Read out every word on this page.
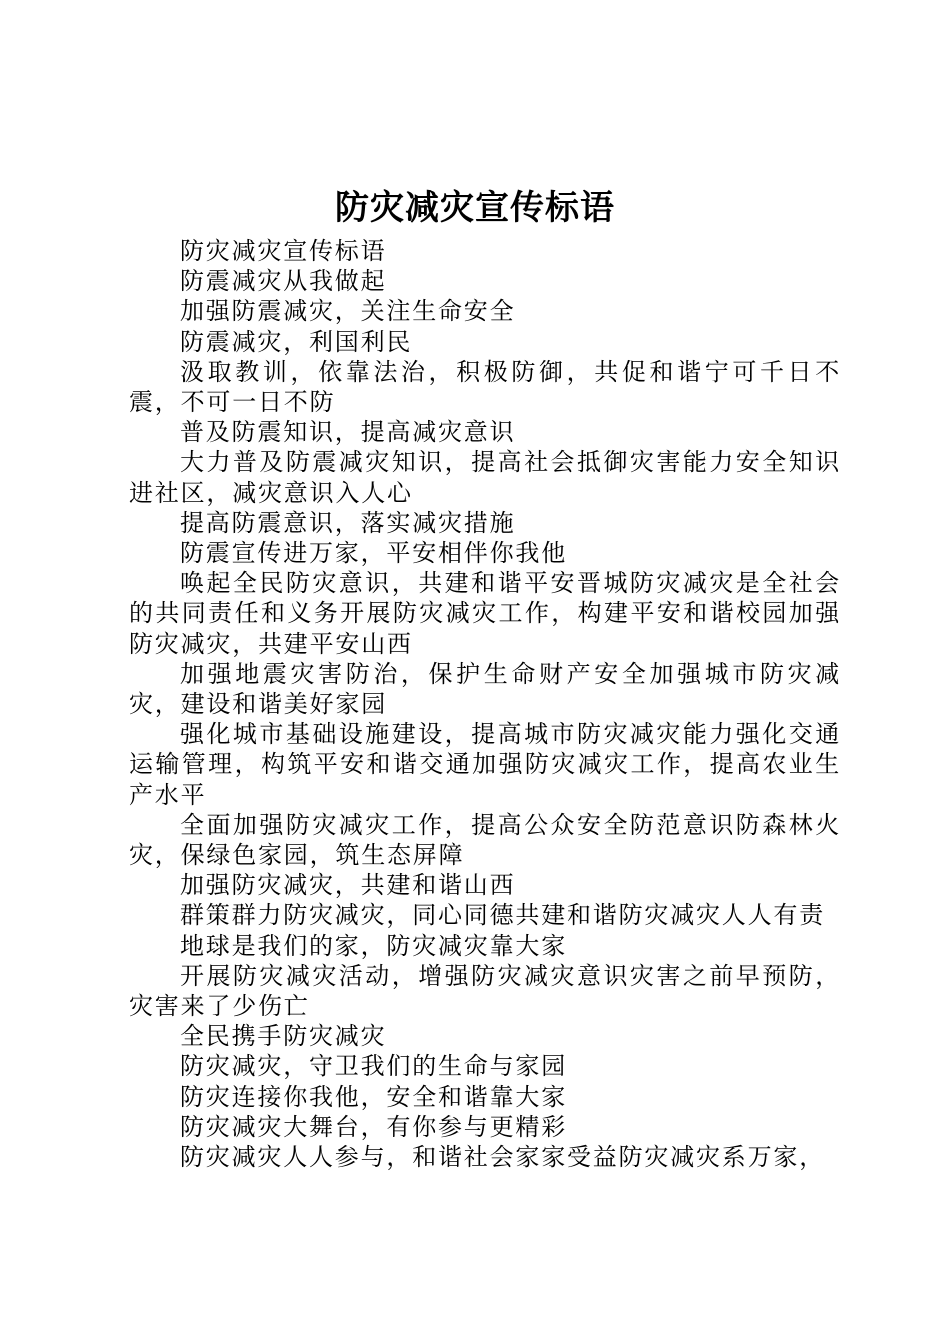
防灾减灾宣传标语

防灾减灾宣传标语

防震减灾从我做起

加强防震减灾，关注生命安全

防震减灾，利国利民

汲取教训，依靠法治，积极防御，共促和谐宁可千日不震，不可一日不防

普及防震知识，提高减灾意识

大力普及防震减灾知识，提高社会抵御灾害能力安全知识进社区，减灾意识入人心

提高防震意识，落实减灾措施

防震宣传进万家，平安相伴你我他

唤起全民防灾意识，共建和谐平安晋城防灾减灾是全社会的共同责任和义务开展防灾减灾工作，构建平安和谐校园加强防灾减灾，共建平安山西

加强地震灾害防治，保护生命财产安全加强城市防灾减灾，建设和谐美好家园

强化城市基础设施建设，提高城市防灾减灾能力强化交通运输管理，构筑平安和谐交通加强防灾减灾工作，提高农业生产水平

全面加强防灾减灾工作，提高公众安全防范意识防森林火灾，保绿色家园，筑生态屏障

加强防灾减灾，共建和谐山西

群策群力防灾减灾，同心同德共建和谐防灾减灾人人有责

地球是我们的家，防灾减灾靠大家

开展防灾减灾活动，增强防灾减灾意识灾害之前早预防，灾害来了少伤亡

全民携手防灾减灾

防灾减灾，守卫我们的生命与家园

防灾连接你我他，安全和谐靠大家

防灾减灾大舞台，有你参与更精彩

防灾减灾人人参与，和谐社会家家受益防灾减灾系万家，
